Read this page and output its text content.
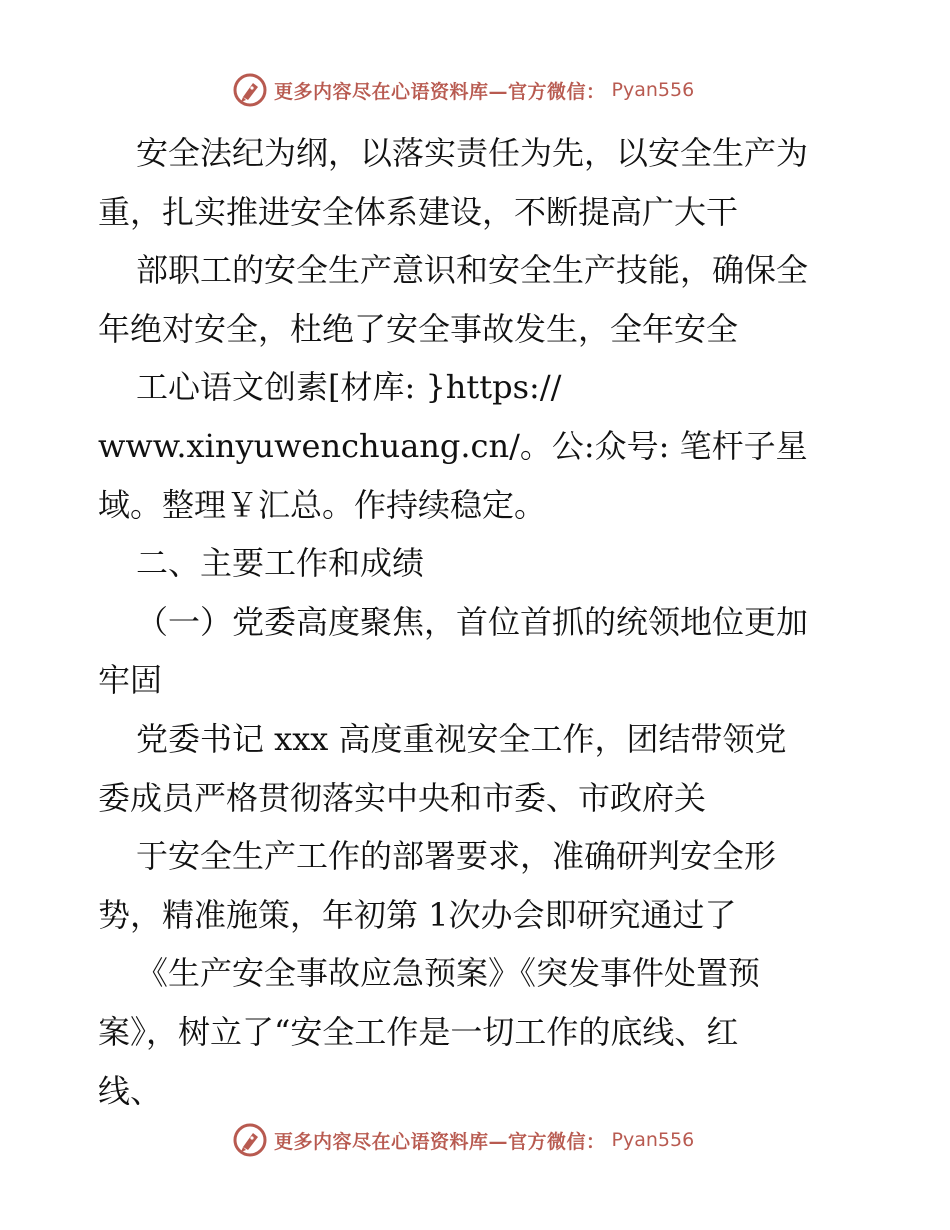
更多内容尽在心语资料库—官方微信： Pyan556
安全法纪为纲，以落实责任为先，以安全生产为
重，扎实推进安全体系建设，不断提高广大干
部职工的安全生产意识和安全生产技能，确保全
年绝对安全，杜绝了安全事故发生，全年安全
工心语文创素[材库: }https://
www.xinyuwenchuang.cn/。公:众号: 笔杆子星
域。整理￥汇总。作持续稳定。
二、主要工作和成绩
（一）党委高度聚焦，首位首抓的统领地位更加
牢固
党委书记 xxx 高度重视安全工作，团结带领党
委成员严格贯彻落实中央和市委、市政府关
于安全生产工作的部署要求，准确研判安全形
势，精准施策，年初第 1次办会即研究通过了
《生产安全事故应急预案》《突发事件处置预
案》，树立了“安全工作是一切工作的底线、红
线、
更多内容尽在心语资料库—官方微信： Pyan556
